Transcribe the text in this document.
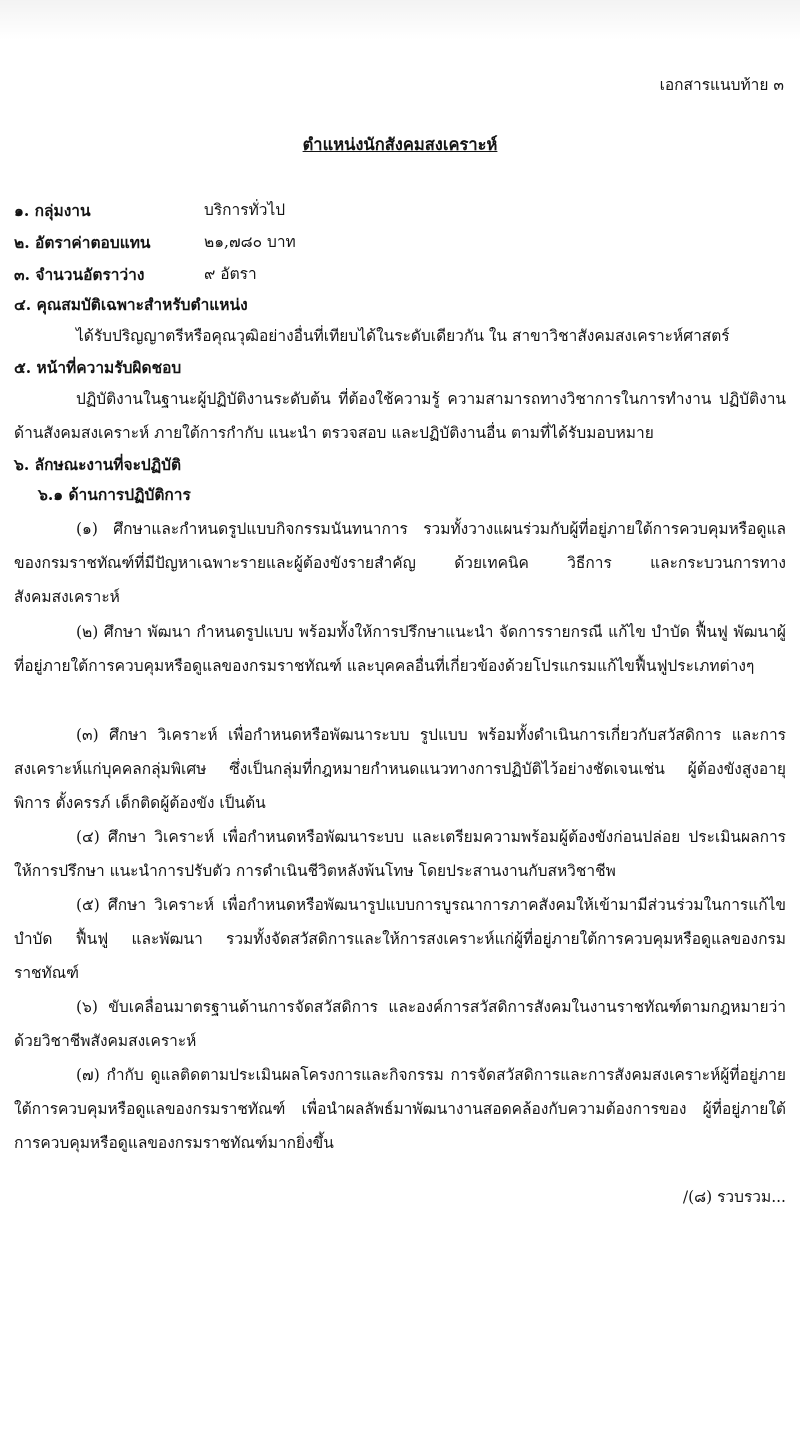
เอกสารแนบท้าย ๓
ตำแหน่งนักสังคมสงเคราะห์
๑. กลุ่มงาน	บริการทั่วไป
๒. อัตราค่าตอบแทน	๒๑,๗๘๐ บาท
๓. จำนวนอัตราว่าง	๙ อัตรา
๔. คุณสมบัติเฉพาะสำหรับตำแหน่ง
ได้รับปริญญาตรีหรือคุณวุฒิอย่างอื่นที่เทียบได้ในระดับเดียวกัน ใน สาขาวิชาสังคมสงเคราะห์ศาสตร์
๕. หน้าที่ความรับผิดชอบ

ปฏิบัติงานในฐานะผู้ปฏิบัติงานระดับต้น ที่ต้องใช้ความรู้ ความสามารถทางวิชาการในการทำงาน ปฏิบัติงานด้านสังคมสงเคราะห์ ภายใต้การกำกับ แนะนำ ตรวจสอบ และปฏิบัติงานอื่น ตามที่ได้รับมอบหมาย

๖. ลักษณะงานที่จะปฏิบัติ
๖.๑ ด้านการปฏิบัติการ

(๑) ศึกษาและกำหนดรูปแบบกิจกรรมนันทนาการ รวมทั้งวางแผนร่วมกับผู้ที่อยู่ภายใต้การควบคุมหรือดูแลของกรมราชทัณฑ์ที่มีปัญหาเฉพาะรายและผู้ต้องขังรายสำคัญ ด้วยเทคนิค วิธีการ และกระบวนการทางสังคมสงเคราะห์

(๒) ศึกษา พัฒนา กำหนดรูปแบบ พร้อมทั้งให้การปรึกษาแนะนำ จัดการรายกรณี แก้ไข บำบัด ฟื้นฟู พัฒนาผู้ที่อยู่ภายใต้การควบคุมหรือดูแลของกรมราชทัณฑ์ และบุคคลอื่นที่เกี่ยวข้องด้วยโปรแกรมแก้ไขฟื้นฟูประเภทต่างๆ

(๓) ศึกษา วิเคราะห์ เพื่อกำหนดหรือพัฒนาระบบ รูปแบบ พร้อมทั้งดำเนินการเกี่ยวกับสวัสดิการ และการสงเคราะห์แก่บุคคลกลุ่มพิเศษ ซึ่งเป็นกลุ่มที่กฎหมายกำหนดแนวทางการปฏิบัติไว้อย่างชัดเจนเช่น ผู้ต้องขังสูงอายุ พิการ ตั้งครรภ์ เด็กติดผู้ต้องขัง เป็นต้น

(๔) ศึกษา วิเคราะห์ เพื่อกำหนดหรือพัฒนาระบบ และเตรียมความพร้อมผู้ต้องขังก่อนปล่อย ประเมินผลการให้การปรึกษา แนะนำการปรับตัว การดำเนินชีวิตหลังพ้นโทษ โดยประสานงานกับสหวิชาชีพ

(๕) ศึกษา วิเคราะห์ เพื่อกำหนดหรือพัฒนารูปแบบการบูรณาการภาคสังคมให้เข้ามามีส่วนร่วมในการแก้ไข บำบัด ฟื้นฟู และพัฒนา รวมทั้งจัดสวัสดิการและให้การสงเคราะห์แก่ผู้ที่อยู่ภายใต้การควบคุมหรือดูแลของกรมราชทัณฑ์

(๖) ขับเคลื่อนมาตรฐานด้านการจัดสวัสดิการ และองค์การสวัสดิการสังคมในงานราชทัณฑ์ตามกฎหมายว่าด้วยวิชาชีพสังคมสงเคราะห์

(๗) กำกับ ดูแลติดตามประเมินผลโครงการและกิจกรรม การจัดสวัสดิการและการสังคมสงเคราะห์ผู้ที่อยู่ภายใต้การควบคุมหรือดูแลของกรมราชทัณฑ์ เพื่อนำผลลัพธ์มาพัฒนางานสอดคล้องกับความต้องการของ ผู้ที่อยู่ภายใต้การควบคุมหรือดูแลของกรมราชทัณฑ์มากยิ่งขึ้น

/(๘) รวบรวม...
